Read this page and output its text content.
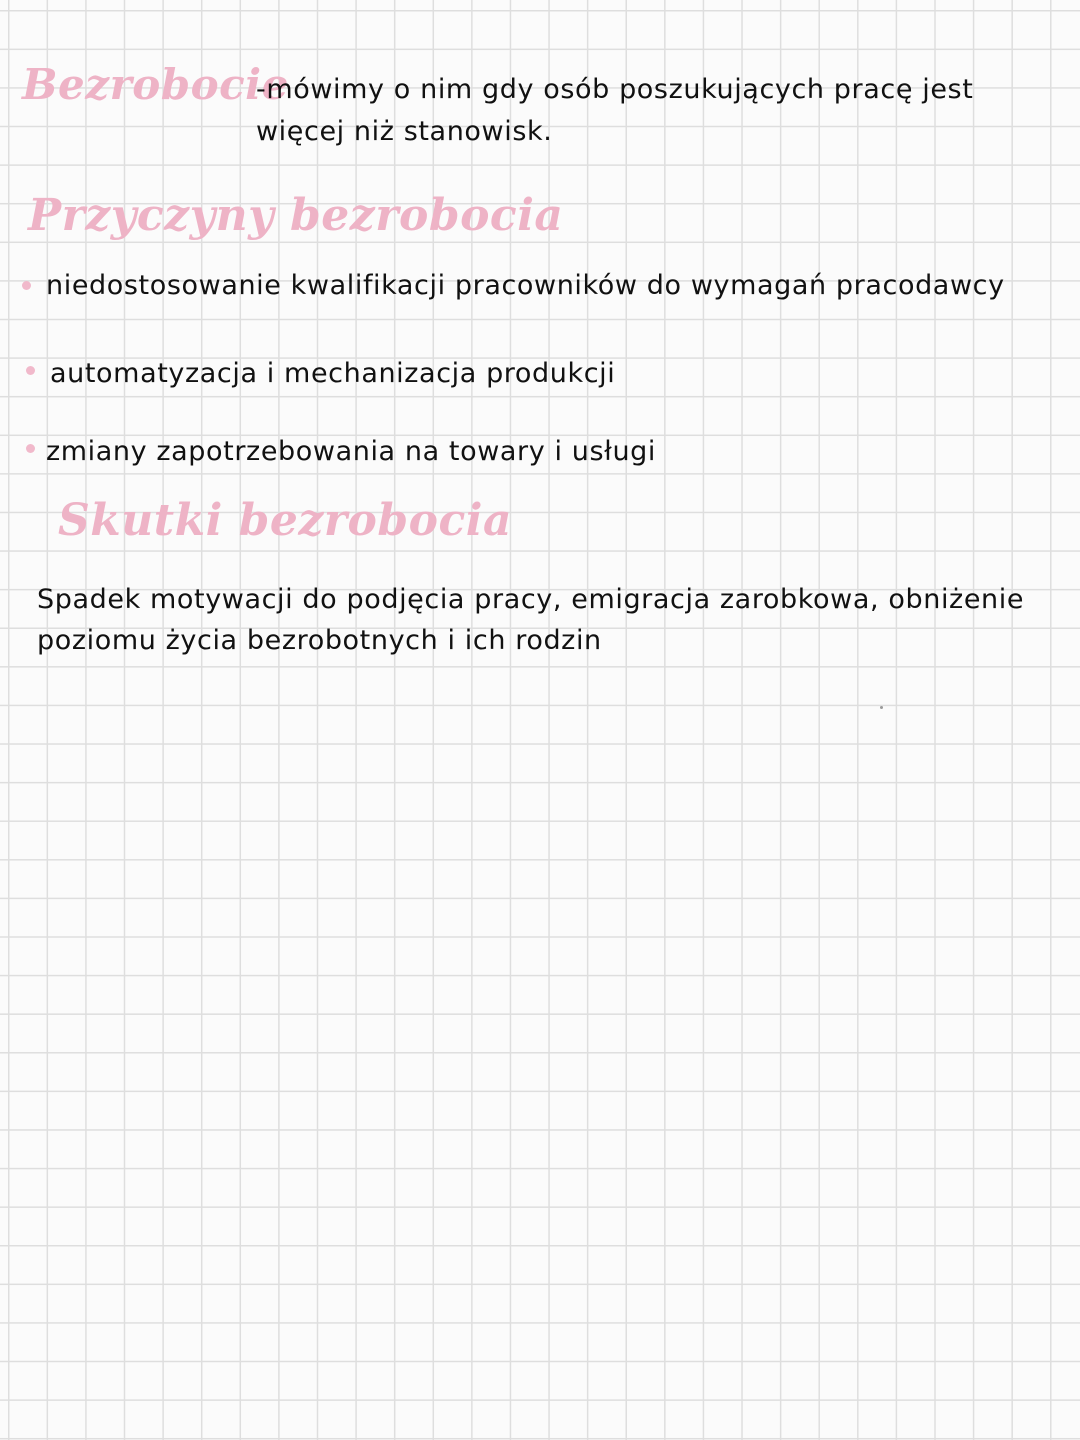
Bezrobocie
-mówimy o nim gdy osób poszukujących pracę jest
więcej niż stanowisk.
Przyczyny bezrobocia
niedostosowanie kwalifikacji pracowników do wymagań pracodawcy
automatyzacja i mechanizacja produkcji
zmiany zapotrzebowania na towary i usługi
Skutki bezrobocia
Spadek motywacji do podjęcia pracy, emigracja zarobkowa, obniżenie
poziomu życia bezrobotnych i ich rodzin
